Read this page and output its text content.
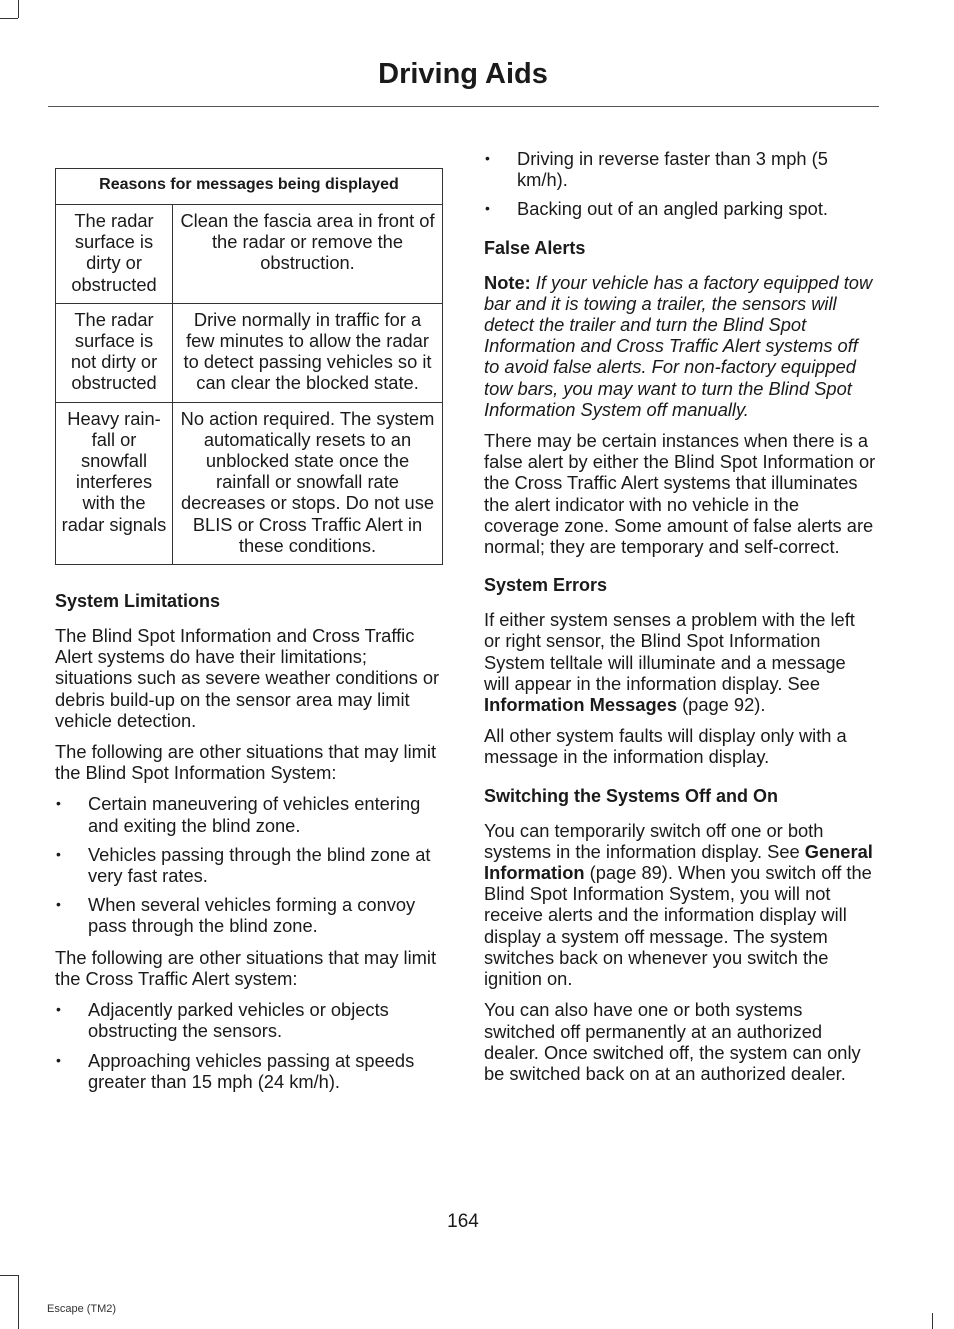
Driving Aids
Reasons for messages being displayed	
The radar surface is dirty or obstructed	Clean the fascia area in front of the radar or remove the obstruction.
The radar surface is not dirty or obstructed	Drive normally in traffic for a few minutes to allow the radar to detect passing vehicles so it can clear the blocked state.
Heavy rain-fall or snowfall interferes with the radar signals	No action required. The system automatically resets to an unblocked state once the rainfall or snowfall rate decreases or stops. Do not use BLIS or Cross Traffic Alert in these conditions.
System Limitations

The Blind Spot Information and Cross Traffic Alert systems do have their limitations; situations such as severe weather conditions or debris build-up on the sensor area may limit vehicle detection.

The following are other situations that may limit the Blind Spot Information System:

• Certain maneuvering of vehicles entering and exiting the blind zone.
• Vehicles passing through the blind zone at very fast rates.
• When several vehicles forming a convoy pass through the blind zone.

The following are other situations that may limit the Cross Traffic Alert system:

• Adjacently parked vehicles or objects obstructing the sensors.
• Approaching vehicles passing at speeds greater than 15 mph (24 km/h).
• Driving in reverse faster than 3 mph (5 km/h).
• Backing out of an angled parking spot.
False Alerts

Note: If your vehicle has a factory equipped tow bar and it is towing a trailer, the sensors will detect the trailer and turn the Blind Spot Information and Cross Traffic Alert systems off to avoid false alerts. For non-factory equipped tow bars, you may want to turn the Blind Spot Information System off manually.

There may be certain instances when there is a false alert by either the Blind Spot Information or the Cross Traffic Alert systems that illuminates the alert indicator with no vehicle in the coverage zone. Some amount of false alerts are normal; they are temporary and self-correct.

System Errors

If either system senses a problem with the left or right sensor, the Blind Spot Information System telltale will illuminate and a message will appear in the information display. See Information Messages (page 92).

All other system faults will display only with a message in the information display.

Switching the Systems Off and On

You can temporarily switch off one or both systems in the information display. See General Information (page 89). When you switch off the Blind Spot Information System, you will not receive alerts and the information display will display a system off message. The system switches back on whenever you switch the ignition on.

You can also have one or both systems switched off permanently at an authorized dealer. Once switched off, the system can only be switched back on at an authorized dealer.

164
Escape (TM2)
